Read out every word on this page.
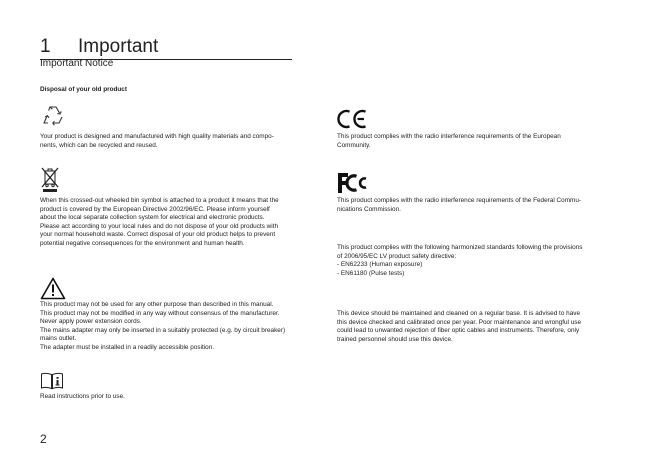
1 Important
Important Notice
Disposal of your old product
Your product is designed and manufactured with high quality materials and compo-
nents, which can be recycled and reused.
When this crossed-out wheeled bin symbol is attached to a product it means that the
product is covered by the European Directive 2002/96/EC. Please inform yourself
about the local separate collection system for electrical and electronic products.
Please act according to your local rules and do not dispose of your old products with
your normal household waste. Correct disposal of your old product helps to prevent
potential negative consequences for the environment and human health.
This product may not be used for any other purpose than described in this manual.
This product may not be modified in any way without consensus of the manufacturer.
Never apply power extension cords.
The mains adapter may only be inserted in a suitably protected (e.g. by circuit breaker)
mains outlet.
The adapter must be installed in a readily accessible position.
Read instructions prior to use.
This product complies with the radio interference requirements of the European
Community.
This product complies with the radio interference requirements of the Federal Commu-
nications Commission.
This product complies with the following harmonized standards following the provisions
of 2006/95/EC LV product safety directive:
- EN62233 (Human exposure)
- EN61180 (Pulse tests)
This device should be maintained and cleaned on a regular base. It is advised to have
this device checked and calibrated once per year. Poor maintenance and wrongful use
could lead to unwanted rejection of fiber optic cables and instruments. Therefore, only
trained personnel should use this device.
2
